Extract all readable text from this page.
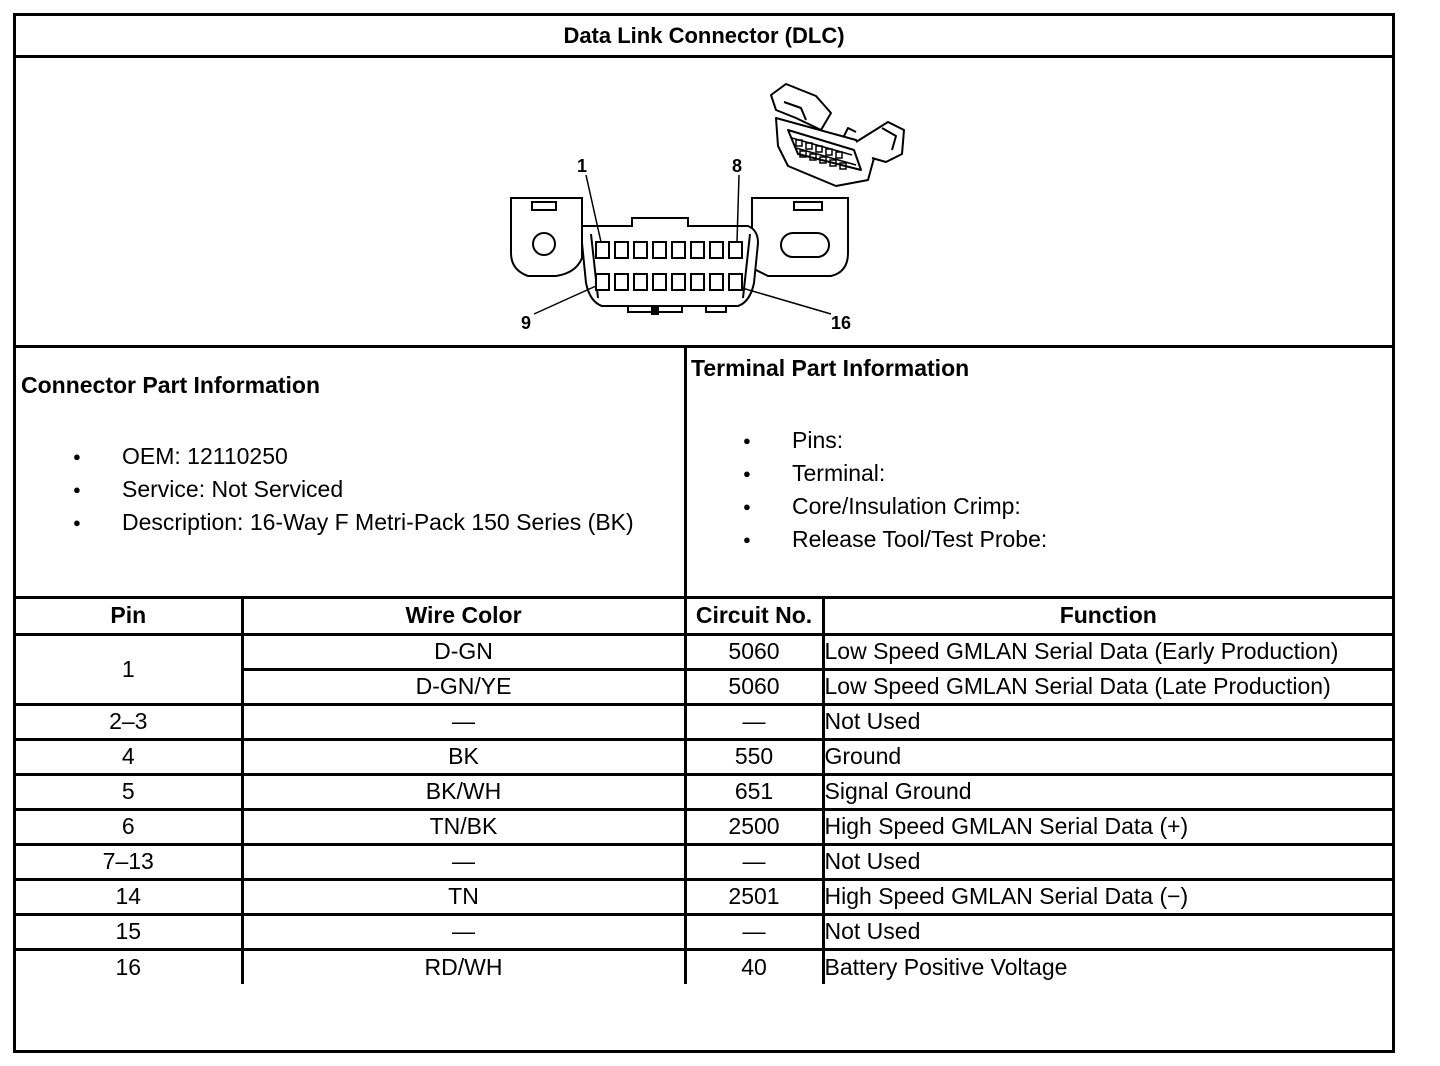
Data Link Connector (DLC)
1	8
9	16
Connector Part Information
● OEM: 12110250
● Service: Not Serviced
● Description: 16-Way F Metri-Pack 150 Series (BK)
Terminal Part Information
● Pins:
● Terminal:
● Core/Insulation Crimp:
● Release Tool/Test Probe:
Pin	Wire Color	Circuit No.	Function
1	D-GN	5060	Low Speed GMLAN Serial Data (Early Production)
	D-GN/YE	5060	Low Speed GMLAN Serial Data (Late Production)
2–3	—	—	Not Used
4	BK	550	Ground
5	BK/WH	651	Signal Ground
6	TN/BK	2500	High Speed GMLAN Serial Data (+)
7–13	—	—	Not Used
14	TN	2501	High Speed GMLAN Serial Data (−)
15	—	—	Not Used
16	RD/WH	40	Battery Positive Voltage
